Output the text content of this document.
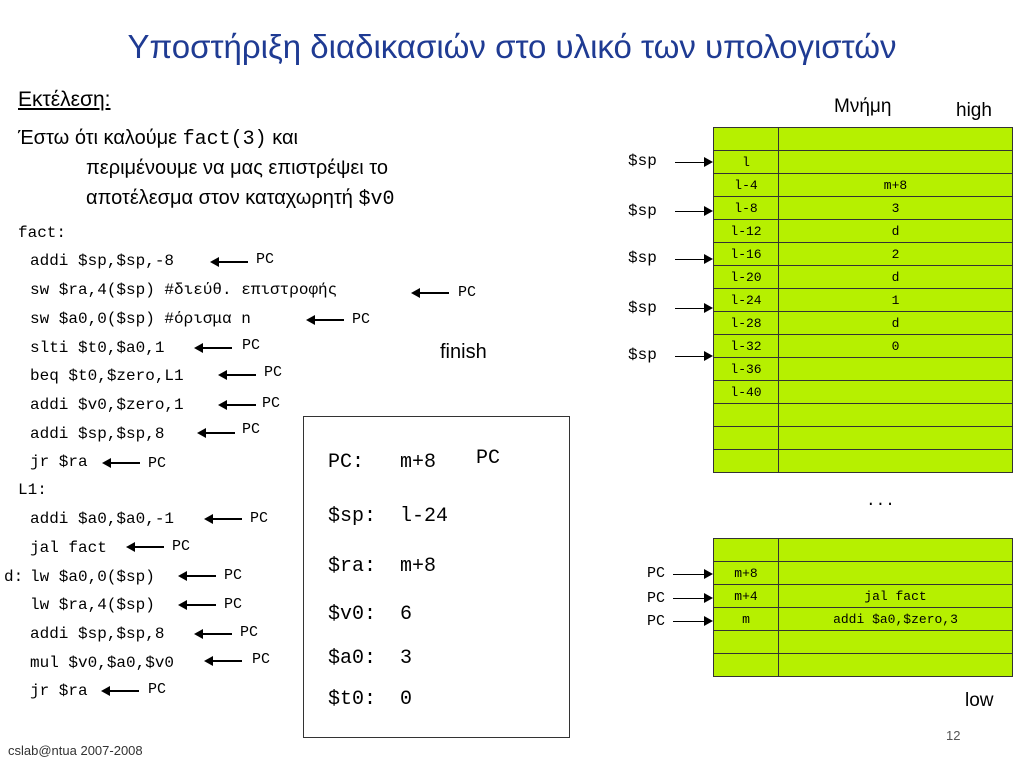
Υποστήριξη διαδικασιών στο υλικό των υπολογιστών
Εκτέλεση:
Έστω ότι καλούμε fact(3) και
περιμένουμε να μας επιστρέψει το
αποτέλεσμα στον καταχωρητή $v0
fact:
addi $sp,$sp,-8
sw $ra,4($sp) #διεύθ. επιστροφής
sw $a0,0($sp) #όρισμα n
slti $t0,$a0,1
beq $t0,$zero,L1
addi $v0,$zero,1
addi $sp,$sp,8
jr $ra
L1:
addi $a0,$a0,-1
jal fact
d: lw $a0,0($sp)
lw $ra,4($sp)
addi $sp,$sp,8
mul $v0,$a0,$v0
jr $ra
PC
PC
PC
PC
PC
PC
PC
PC
PC
PC
PC
PC
PC
PC
PC
finish
PC: m+8 PC
$sp: l-24
$ra: m+8
$v0: 6
$a0: 3
$t0: 0
Μνήμη	high

l	
l-4	m+8
l-8	3
l-12	d
l-16	2
l-20	d
l-24	1
l-28	d
l-32	0
l-36	
l-40	

$sp
$sp
$sp
$sp
$sp
...

m+8	
m+4	jal fact
m	addi $a0,$zero,3

PC
PC
PC
low
cslab@ntua 2007-2008
12
